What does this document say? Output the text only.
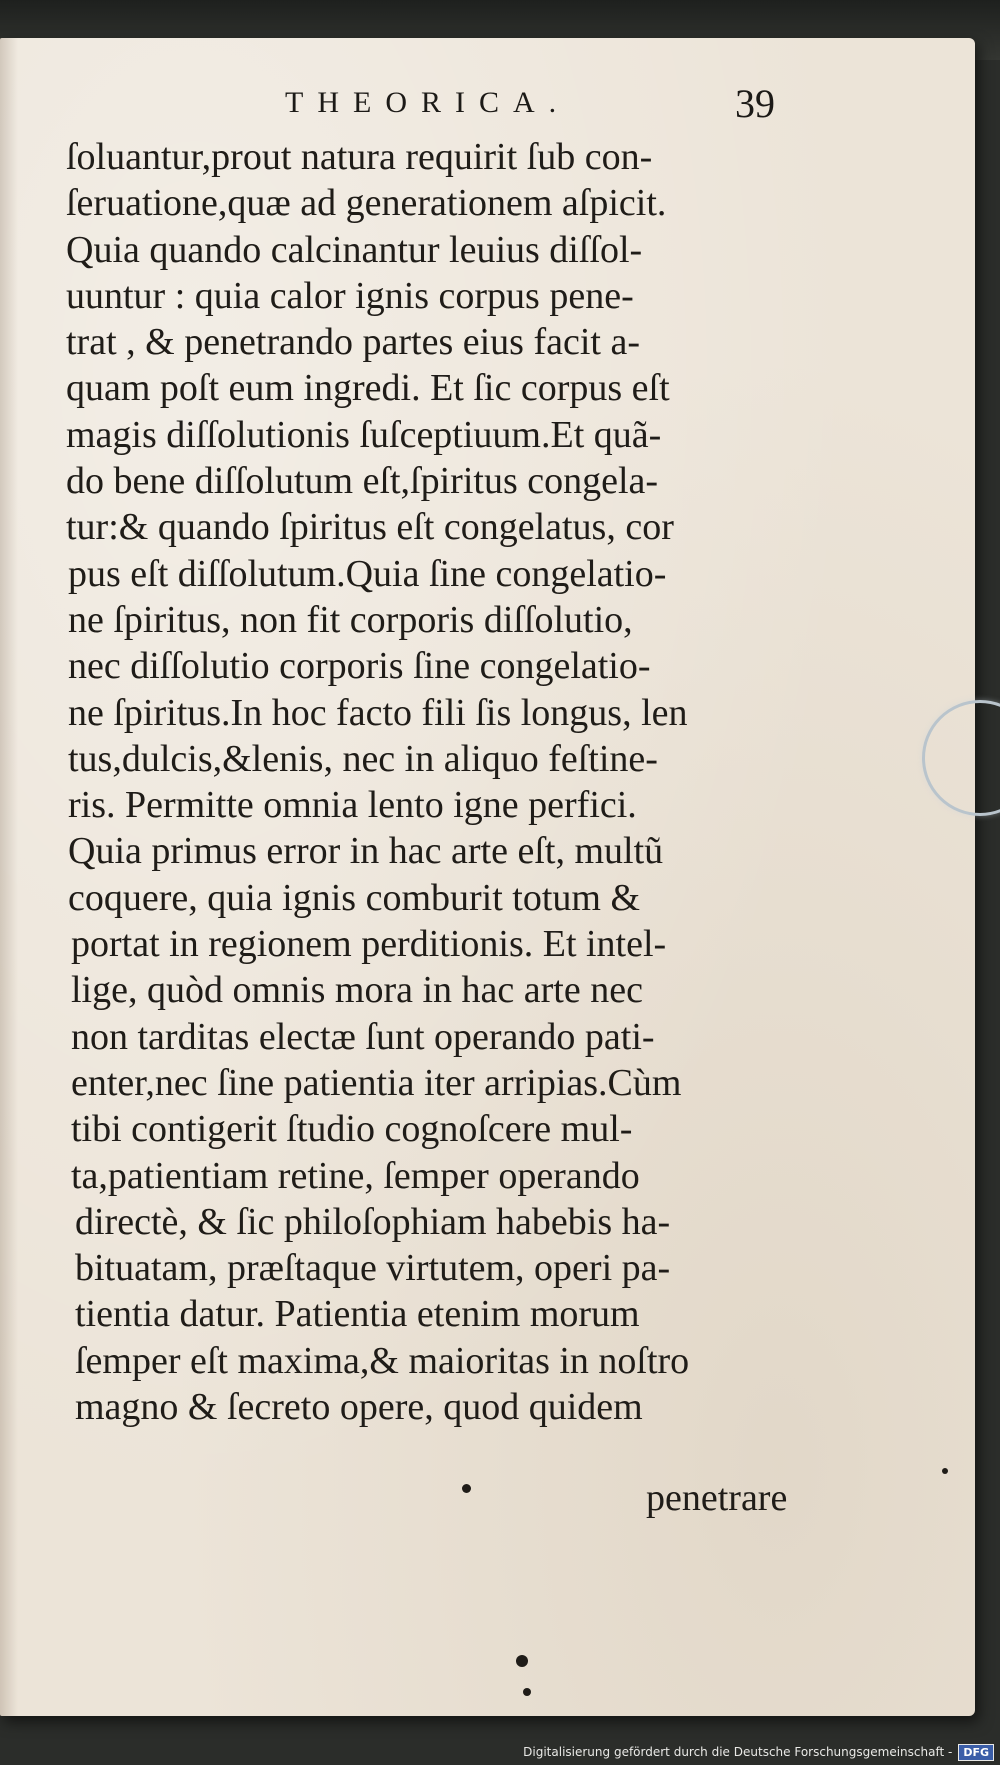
THEORICA.	39
ſoluantur,prout natura requirit ſub con-
ſeruatione,quæ ad generationem aſpicit.
Quia quando calcinantur leuius diſſol-
uuntur : quia calor ignis corpus pene-
trat , & penetrando partes eius facit a-
quam poſt eum ingredi. Et ſic corpus eſt
magis diſſolutionis ſuſceptiuum.Et quã-
do bene diſſolutum eſt,ſpiritus congela-
tur:& quando ſpiritus eſt congelatus, cor
pus eſt diſſolutum.Quia ſine congelatio-
ne ſpiritus, non fit corporis diſſolutio,
nec diſſolutio corporis ſine congelatio-
ne ſpiritus.In hoc facto fili ſis longus, len
tus,dulcis,&lenis, nec in aliquo feſtine-
ris. Permitte omnia lento igne perfici.
Quia primus error in hac arte eſt, multũ
coquere, quia ignis comburit totum &
portat in regionem perditionis. Et intel-
lige, quòd omnis mora in hac arte nec
non tarditas electæ ſunt operando pati-
enter,nec ſine patientia iter arripias.Cùm
tibi contigerit ſtudio cognoſcere mul-
ta,patientiam retine, ſemper operando
directè, & ſic philoſophiam habebis ha-
bituatam, præſtaque virtutem, operi pa-
tientia datur. Patientia etenim morum
ſemper eſt maxima,& maioritas in noſtro
magno & ſecreto opere, quod quidem
penetrare
Digitalisierung gefördert durch die Deutsche Forschungsgemeinschaft -	DFG
